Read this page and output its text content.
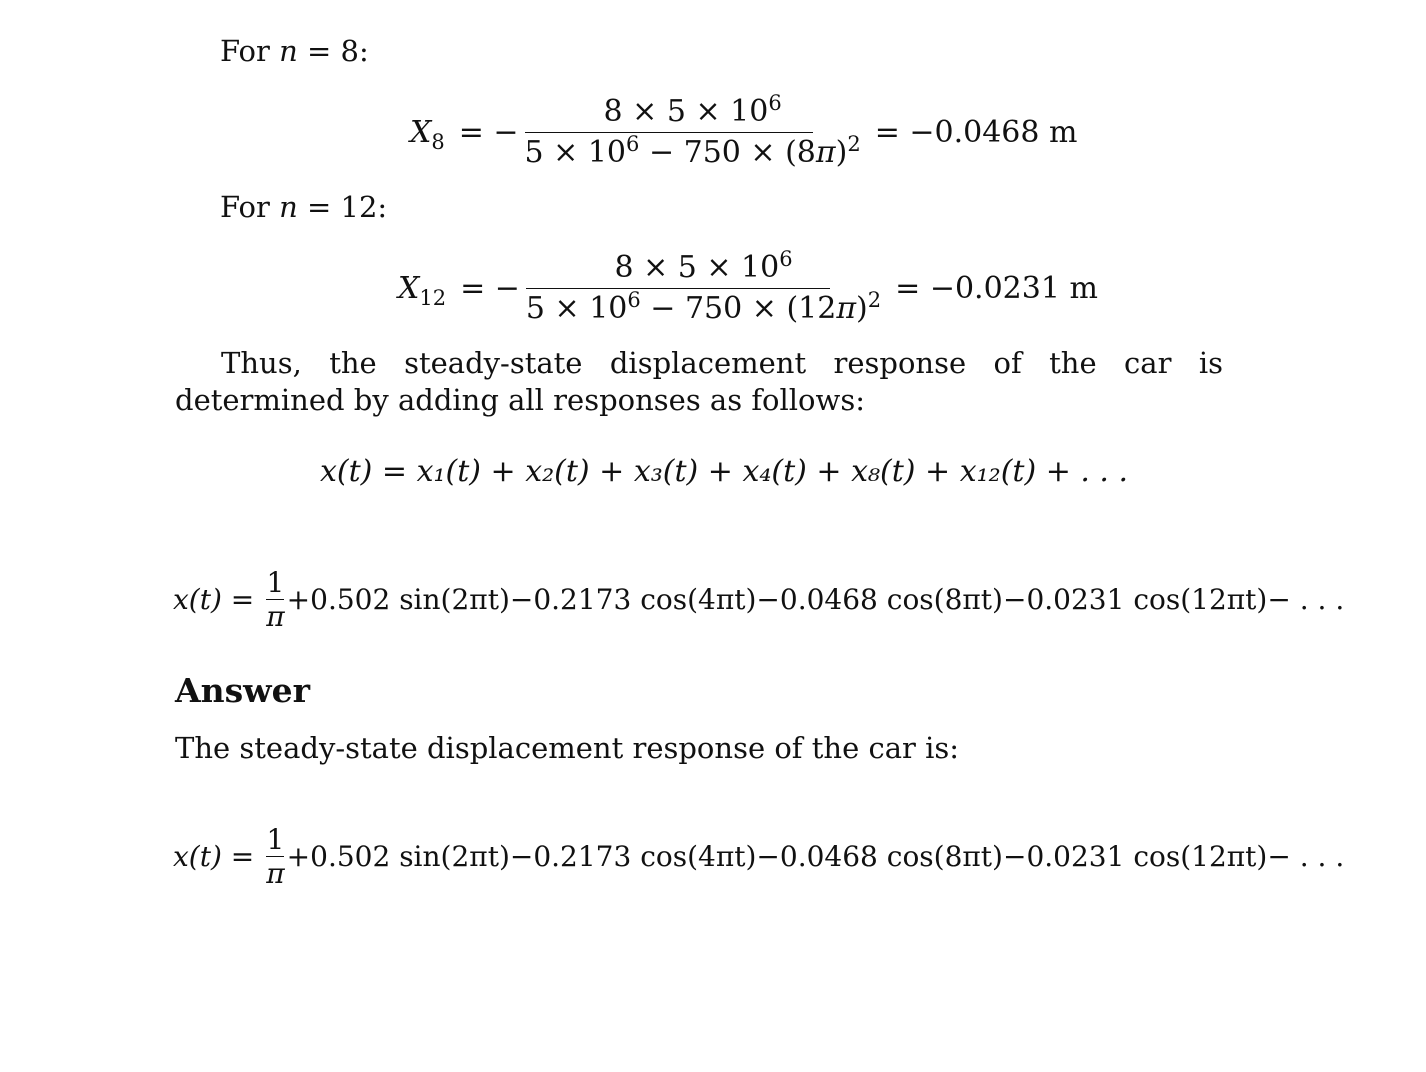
For n = 8:
$X_8$ = − $\frac{8 \times 5 \times 10^6}{5 \times 10^6 - 750 \times (8\pi)^2} = -0.0468$ m
For n = 12:
$X_{12}$ = − $\frac{8 \times 5 \times 10^6}{5 \times 10^6 - 750 \times (12\pi)^2} = -0.0231$ m
Thus, the steady-state displacement response of the car is determined by adding all responses as follows:
x(t) = x₁(t) + x₂(t) + x₃(t) + x₄(t) + x₈(t) + x₁₂(t) + . . .
$x(t) = \frac{1}{\pi} +0.502$ sin(2πt)−0.2173 cos(4πt)−0.0468 cos(8πt)−0.0231 cos(12πt)− . . .
Answer
The steady-state displacement response of the car is:
$x(t) = \frac{1}{\pi} +0.502$ sin(2πt)−0.2173 cos(4πt)−0.0468 cos(8πt)−0.0231 cos(12πt)− . . .
